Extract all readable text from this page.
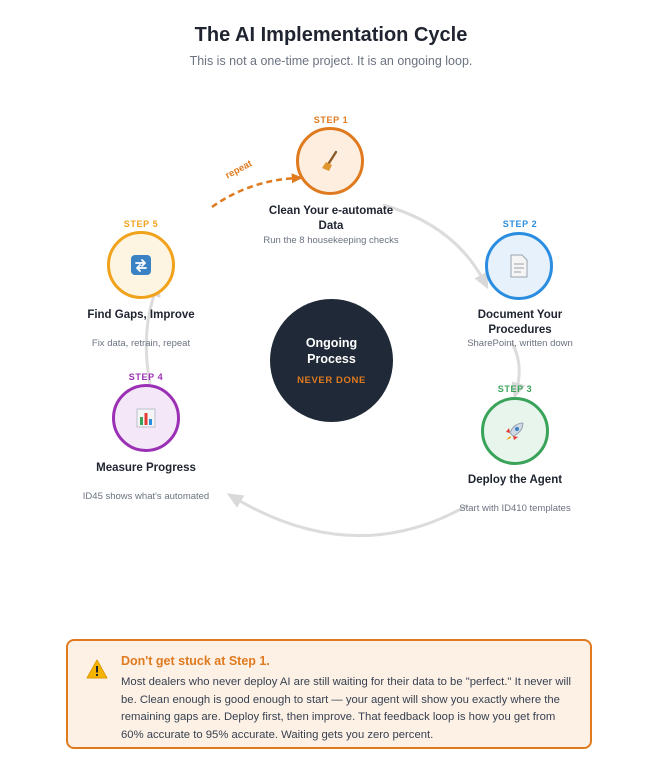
The AI Implementation Cycle
This is not a one-time project. It is an ongoing loop.
repeat
STEP 1
Clean Your e-automate Data
Run the 8 housekeeping checks
STEP 2
Document Your Procedures
SharePoint, written down
STEP 3
Deploy the Agent
Start with ID410 templates
STEP 4
Measure Progress
ID45 shows what's automated
STEP 5
Find Gaps, Improve
Fix data, retrain, repeat	Ongoing Process
NEVER DONE
Don't get stuck at Step 1.
Most dealers who never deploy AI are still waiting for their data to be "perfect." It never will be. Clean enough is good enough to start — your agent will show you exactly where the remaining gaps are. Deploy first, then improve. That feedback loop is how you get from 60% accurate to 95% accurate. Waiting gets you zero percent.
